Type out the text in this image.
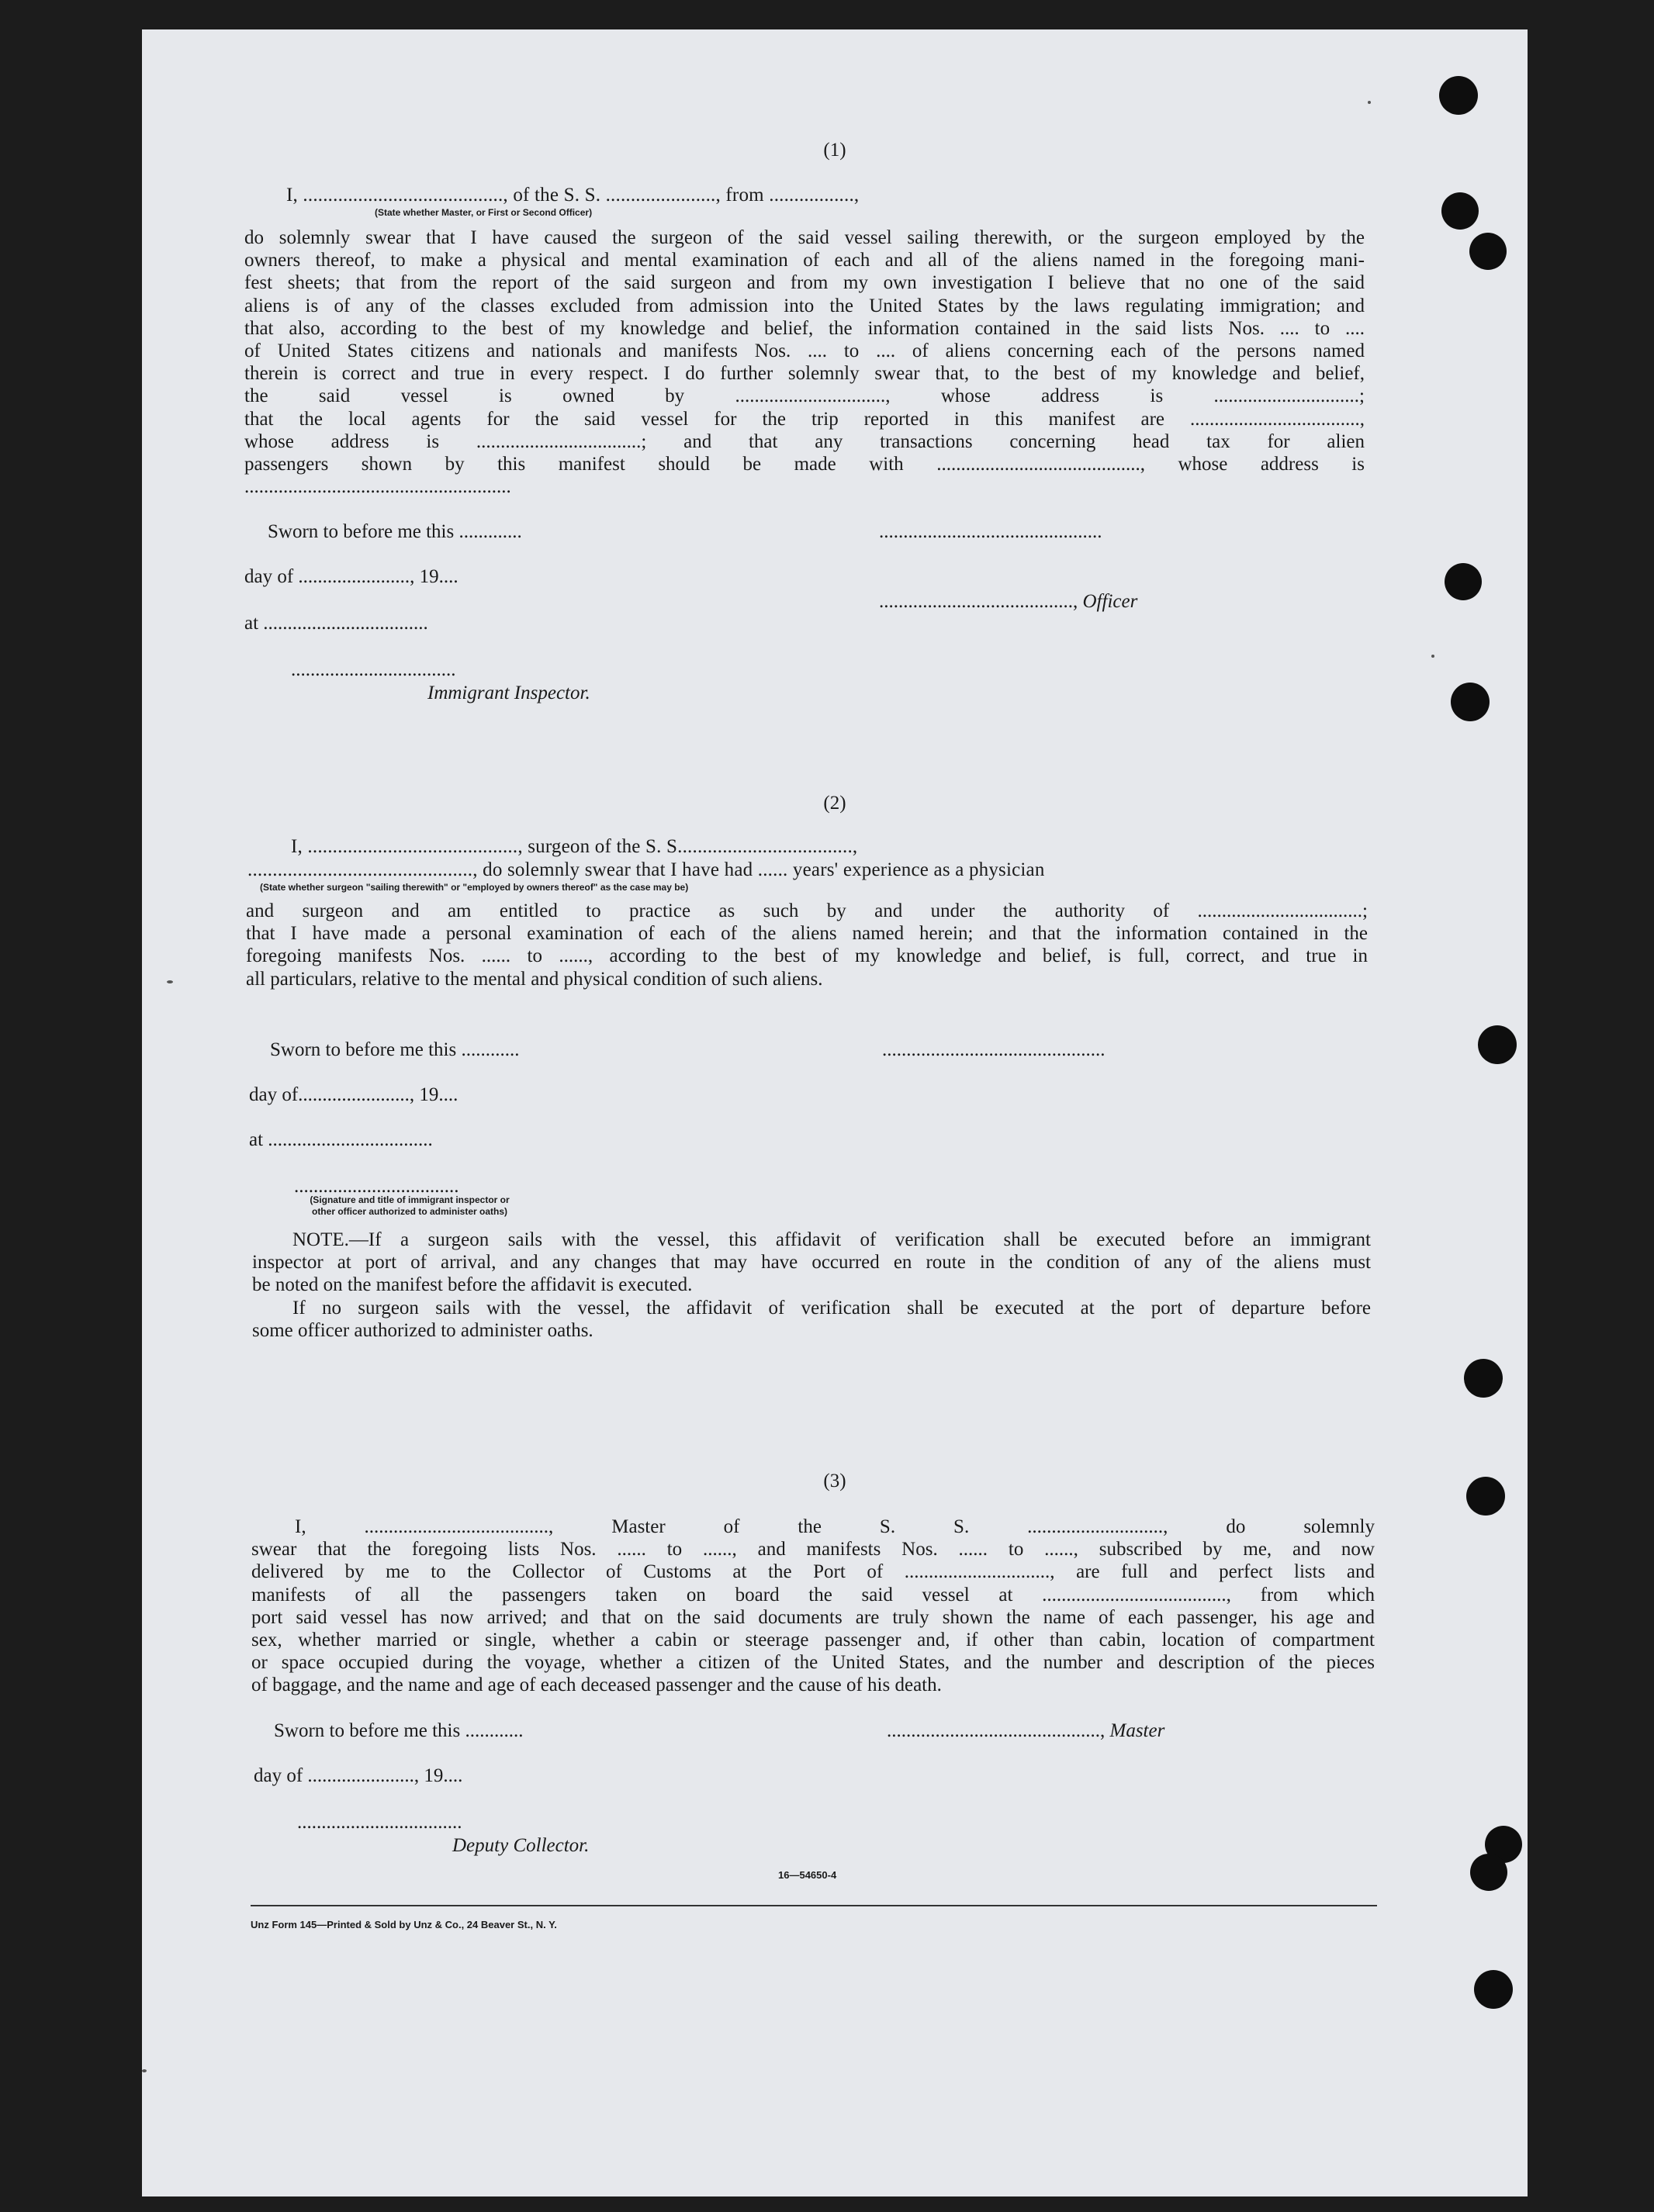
(1)
I, ........................................, of the S. S. ......................, from .................,
(State whether Master, or First or Second Officer)
do solemnly swear that I have caused the surgeon of the said vessel sailing therewith, or the surgeon employed by the
owners thereof, to make a physical and mental examination of each and all of the aliens named in the foregoing mani-
fest sheets; that from the report of the said surgeon and from my own investigation I believe that no one of the said
aliens is of any of the classes excluded from admission into the United States by the laws regulating immigration; and
that also, according to the best of my knowledge and belief, the information contained in the said lists Nos. .... to ....
of United States citizens and nationals and manifests Nos. .... to .... of aliens concerning each of the persons named
therein is correct and true in every respect. I do further solemnly swear that, to the best of my knowledge and belief,
the said vessel is owned by ..............................., whose address is ..............................;
that the local agents for the said vessel for the trip reported in this manifest are ...................................,
whose address is ..................................; and that any transactions concerning head tax for alien
passengers shown by this manifest should be made with .........................................., whose address is
.......................................................
Sworn to before me this .............	..............................................
day of ......................., 19....
........................................, Officer
at ..................................
..................................
Immigrant Inspector.
(2)
I, .........................................., surgeon of the S. S...................................,
............................................., do solemnly swear that I have had ...... years' experience as a physician
(State whether surgeon "sailing therewith" or "employed by owners thereof" as the case may be)
and surgeon and am entitled to practice as such by and under the authority of ..................................;
that I have made a personal examination of each of the aliens named herein; and that the information contained in the
foregoing manifests Nos. ...... to ......, according to the best of my knowledge and belief, is full, correct, and true in
all particulars, relative to the mental and physical condition of such aliens.
Sworn to before me this ............	..............................................
day of......................., 19....
at ..................................
..................................
(Signature and title of immigrant inspector or
other officer authorized to administer oaths)
NOTE.—If a surgeon sails with the vessel, this affidavit of verification shall be executed before an immigrant
inspector at port of arrival, and any changes that may have occurred en route in the condition of any of the aliens must
be noted on the manifest before the affidavit is executed.
If no surgeon sails with the vessel, the affidavit of verification shall be executed at the port of departure before
some officer authorized to administer oaths.
(3)
I, ......................................, Master of the S. S. ............................, do solemnly
swear that the foregoing lists Nos. ...... to ......, and manifests Nos. ...... to ......, subscribed by me, and now
delivered by me to the Collector of Customs at the Port of .............................., are full and perfect lists and
manifests of all the passengers taken on board the said vessel at ......................................, from which
port said vessel has now arrived; and that on the said documents are truly shown the name of each passenger, his age and
sex, whether married or single, whether a cabin or steerage passenger and, if other than cabin, location of compartment
or space occupied during the voyage, whether a citizen of the United States, and the number and description of the pieces
of baggage, and the name and age of each deceased passenger and the cause of his death.
Sworn to before me this ............	............................................, Master
day of ......................, 19....
..................................
Deputy Collector.
16—54650-4
Unz Form 145—Printed & Sold by Unz & Co., 24 Beaver St., N. Y.
